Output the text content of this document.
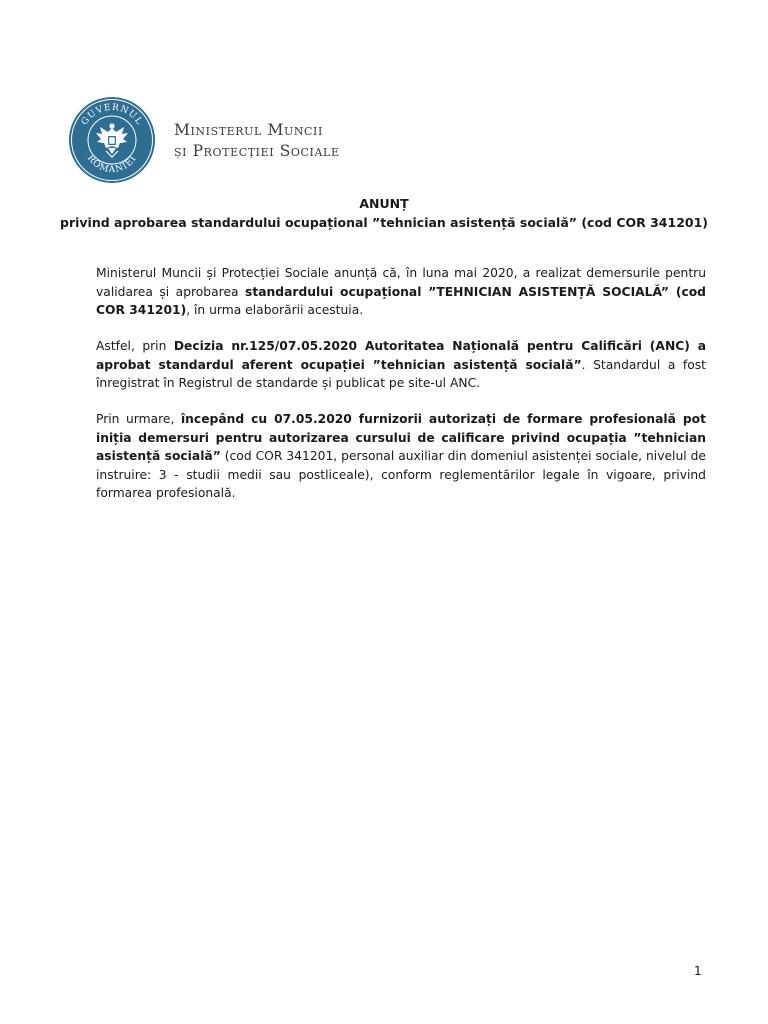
GUVERNUL
ROMÂNIEI
Ministerul Muncii
și Protecției Sociale
ANUNȚ
privind aprobarea standardului ocupațional ”tehnician asistență socială” (cod COR 341201)
Ministerul Muncii și Protecției Sociale anunță că, în luna mai 2020, a realizat demersurile pentru validarea și aprobarea standardului ocupațional ”TEHNICIAN ASISTENȚĂ SOCIALĂ” (cod COR 341201), în urma elaborării acestuia.
Astfel, prin Decizia nr.125/07.05.2020 Autoritatea Națională pentru Calificări (ANC) a aprobat standardul aferent ocupației ”tehnician asistență socială”. Standardul a fost înregistrat în Registrul de standarde și publicat pe site-ul ANC.
Prin urmare, începând cu 07.05.2020 furnizorii autorizați de formare profesională pot iniția demersuri pentru autorizarea cursului de calificare privind ocupația ”tehnician asistență socială” (cod COR 341201, personal auxiliar din domeniul asistenței sociale, nivelul de instruire: 3 - studii medii sau postliceale), conform reglementărilor legale în vigoare, privind formarea profesională.
1
